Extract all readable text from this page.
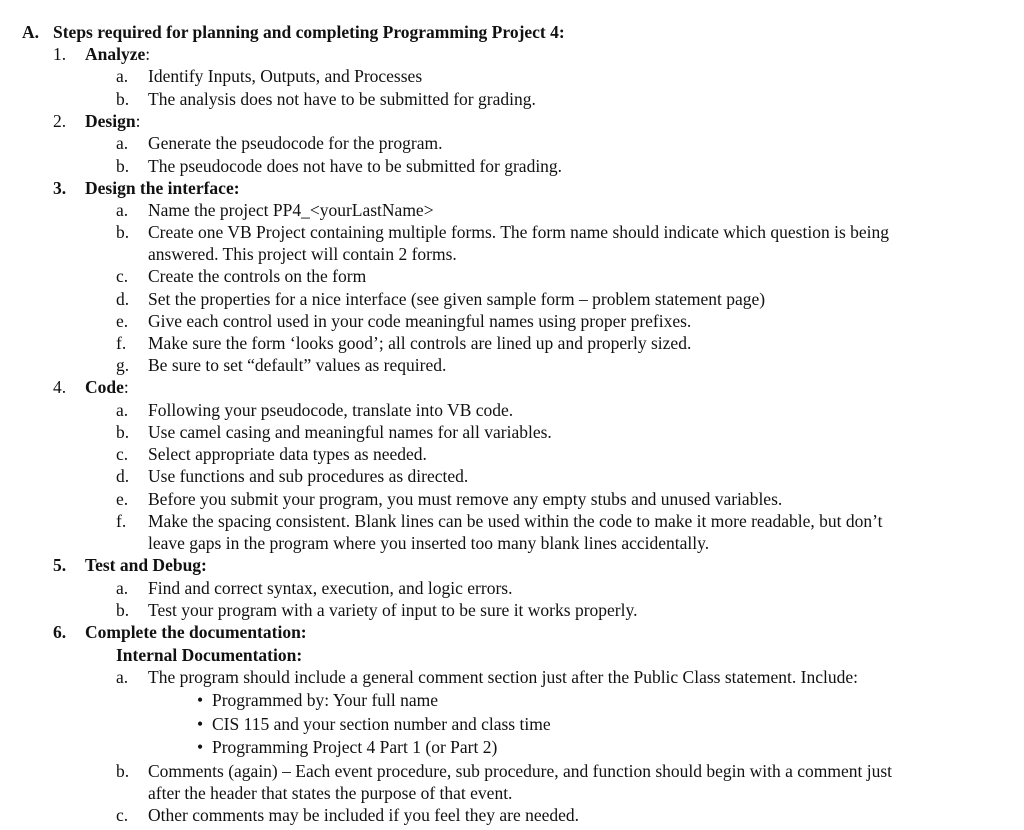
A. Steps required for planning and completing Programming Project 4:
1. Analyze:
a. Identify Inputs, Outputs, and Processes
b. The analysis does not have to be submitted for grading.
2. Design:
a. Generate the pseudocode for the program.
b. The pseudocode does not have to be submitted for grading.
3. Design the interface:
a. Name the project PP4_<yourLastName>
b. Create one VB Project containing multiple forms. The form name should indicate which question is being
answered. This project will contain 2 forms.
c. Create the controls on the form
d. Set the properties for a nice interface (see given sample form – problem statement page)
e. Give each control used in your code meaningful names using proper prefixes.
f. Make sure the form ‘looks good’; all controls are lined up and properly sized.
g. Be sure to set “default” values as required.
4. Code:
a. Following your pseudocode, translate into VB code.
b. Use camel casing and meaningful names for all variables.
c. Select appropriate data types as needed.
d. Use functions and sub procedures as directed.
e. Before you submit your program, you must remove any empty stubs and unused variables.
f. Make the spacing consistent. Blank lines can be used within the code to make it more readable, but don’t
leave gaps in the program where you inserted too many blank lines accidentally.
5. Test and Debug:
a. Find and correct syntax, execution, and logic errors.
b. Test your program with a variety of input to be sure it works properly.
6. Complete the documentation:
Internal Documentation:
a. The program should include a general comment section just after the Public Class statement. Include:
• Programmed by: Your full name
• CIS 115 and your section number and class time
• Programming Project 4 Part 1 (or Part 2)
b. Comments (again) – Each event procedure, sub procedure, and function should begin with a comment just
after the header that states the purpose of that event.
c. Other comments may be included if you feel they are needed.
